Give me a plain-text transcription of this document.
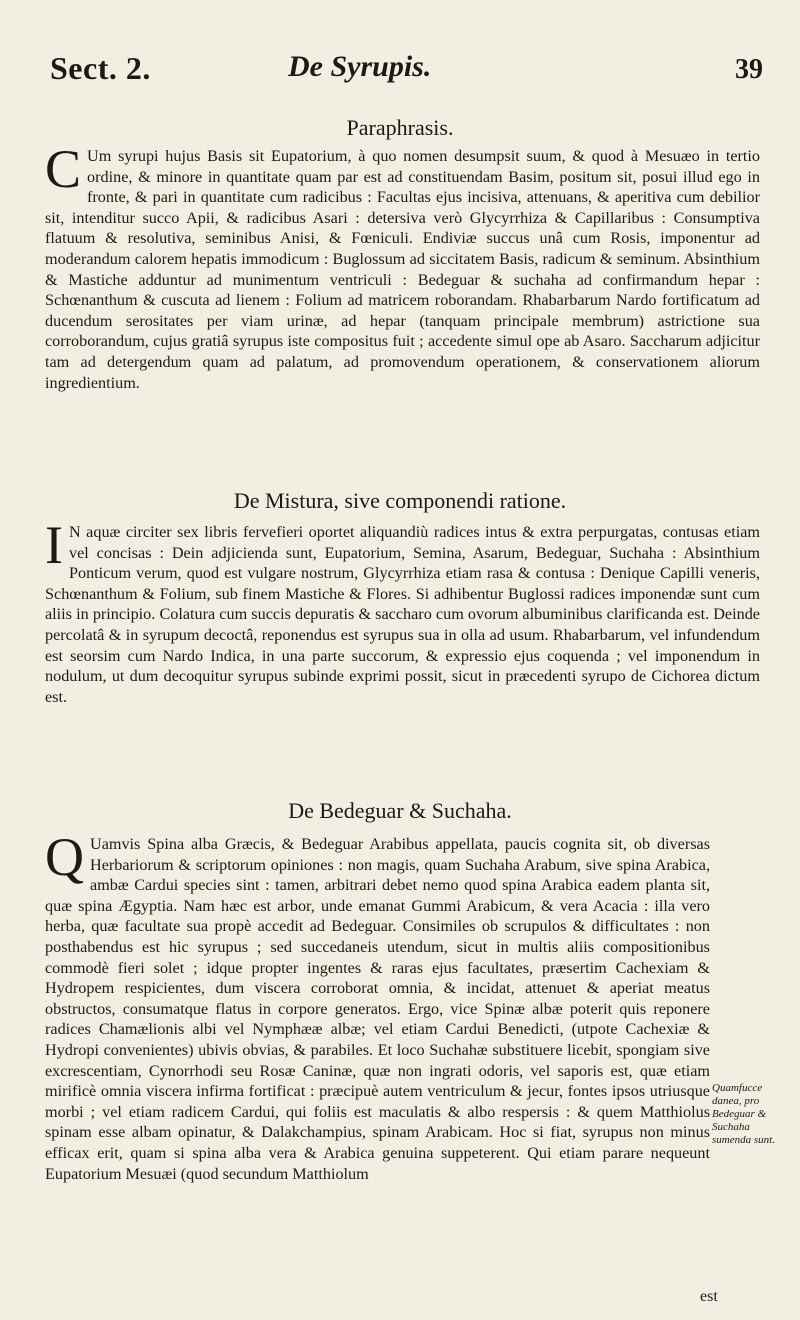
Sect. 2.	De Syrupis.	39
Paraphrasis.

C Um syrupi hujus Basis sit Eupatorium, à quo nomen desumpsit suum, & quod à Mesuæo in tertio ordine, & minore in quantitate quam par est ad constituendam Basim, positum sit, posui illud ego in fronte, & pari in quantitate cum radicibus : Facultas ejus incisiva, attenuans, & aperitiva cum debilior sit, intenditur succo Apii, & radicibus Asari : detersiva verò Glycyrrhiza & Capillaribus : Consumptiva flatuum & resolutiva, seminibus Anisi, & Fœniculi. Endiviæ succus unâ cum Rosis, imponentur ad moderandum calorem hepatis immodicum : Buglossum ad siccitatem Basis, radicum & seminum. Absinthium & Mastiche adduntur ad munimentum ventriculi : Bedeguar & suchaha ad confirmandum hepar : Schœnanthum & cuscuta ad lienem : Folium ad matricem roborandam. Rhabarbarum Nardo fortificatum ad ducendum serositates per viam urinæ, ad hepar (tanquam principale membrum) astrictione sua corroborandum, cujus gratiâ syrupus iste compositus fuit ; accedente simul ope ab Asaro. Saccharum adjicitur tam ad detergendum quam ad palatum, ad promovendum operationem, & conservationem aliorum ingredientium.

De Mistura, sive componendi ratione.

I N aquæ circiter sex libris fervefieri oportet aliquandiù radices intus & extra perpurgatas, contusas etiam vel concisas : Dein adjicienda sunt, Eupatorium, Semina, Asarum, Bedeguar, Suchaha : Absinthium Ponticum verum, quod est vulgare nostrum, Glycyrrhiza etiam rasa & contusa : Denique Capilli veneris, Schœnanthum & Folium, sub finem Mastiche & Flores. Si adhibentur Buglossi radices imponendæ sunt cum aliis in principio. Colatura cum succis depuratis & saccharo cum ovorum albuminibus clarificanda est. Deinde percolatâ & in syrupum decoctâ, reponendus est syrupus sua in olla ad usum. Rhabarbarum, vel infundendum est seorsim cum Nardo Indica, in una parte succorum, & expressio ejus coquenda ; vel imponendum in nodulum, ut dum decoquitur syrupus subinde exprimi possit, sicut in præcedenti syrupo de Cichorea dictum est.

De Bedeguar & Suchaha.

Q Uamvis Spina alba Græcis, & Bedeguar Arabibus appellata, paucis cognita sit, ob diversas Herbariorum & scriptorum opiniones : non magis, quam Suchaha Arabum, sive spina Arabica, ambæ Cardui species sint : tamen, arbitrari debet nemo quod spina Arabica eadem planta sit, quæ spina Ægyptia. Nam hæc est arbor, unde emanat Gummi Arabicum, & vera Acacia : illa vero herba, quæ facultate sua propè accedit ad Bedeguar. Consimiles ob scrupulos & difficultates : non posthabendus est hic syrupus ; sed succedaneis utendum, sicut in multis aliis compositionibus commodè fieri solet ; idque propter ingentes & raras ejus facultates, præsertim Cachexiam & Hydropem respicientes, dum viscera corroborat omnia, & incidat, attenuet & aperiat meatus obstructos, consumatque flatus in corpore generatos. Ergo, vice Spinæ albæ poterit quis reponere radices Chamælionis albi vel Nymphææ albæ; vel etiam Cardui Benedicti, (utpote Cachexiæ & Hydropi convenientes) ubivis obvias, & parabiles. Et loco Suchahæ substituere licebit, spongiam sive excrescentiam, Cynorrhodi seu Rosæ Caninæ, quæ non ingrati odoris, vel saporis est, quæ etiam mirificè omnia viscera infirma fortificat : præcipuè autem ventriculum & jecur, fontes ipsos utriusque morbi ; vel etiam radicem Cardui, qui foliis est maculatis & albo respersis : & quem Matthiolus spinam esse albam opinatur, & Dalakchampius, spinam Arabicam. Hoc si fiat, syrupus non minus efficax erit, quam si spina alba vera & Arabica genuina suppeterent. Qui etiam parare nequeunt Eupatorium Mesuæi (quod secundum Matthiolum

Quamfucce danea, pro Bedeguar & Suchaha sumenda sunt.
est
